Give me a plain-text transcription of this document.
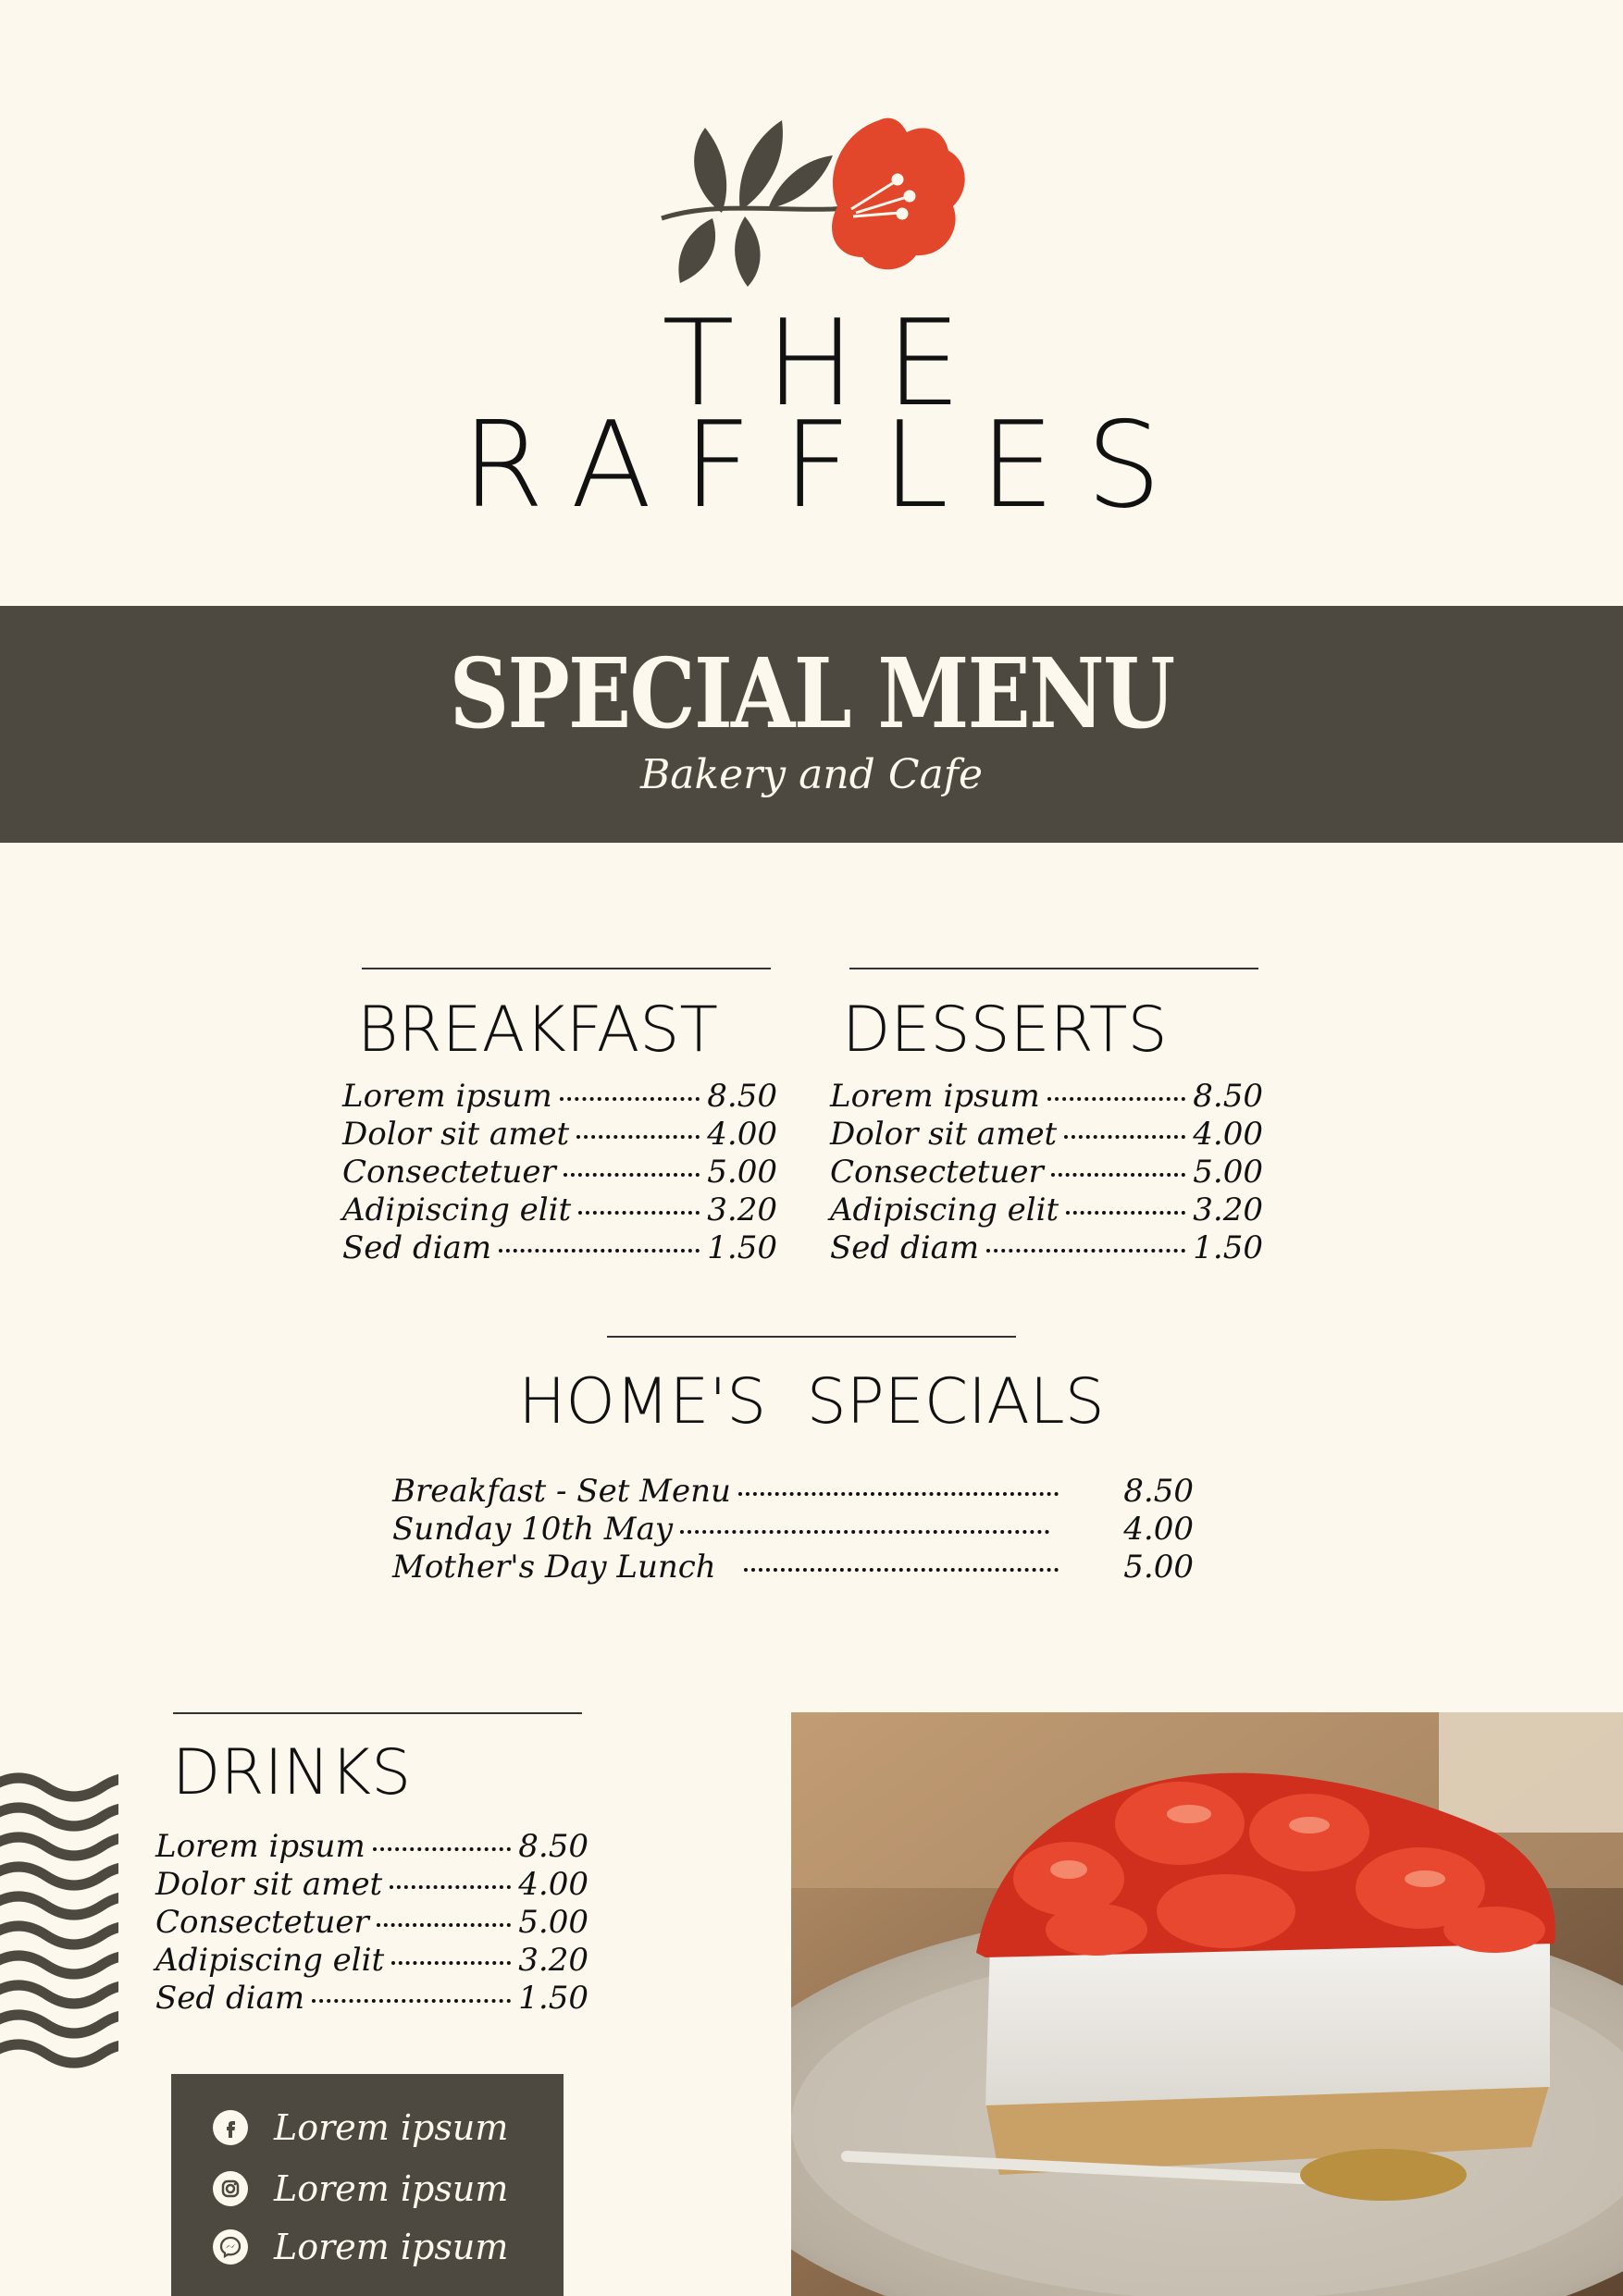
THE
RAFFLES
SPECIAL MENU
Bakery and Cafe
BREAKFAST
Lorem ipsum	8.50
Dolor sit amet	4.00
Consectetuer	5.00
Adipiscing elit	3.20
Sed diam	1.50
DESSERTS
Lorem ipsum	8.50
Dolor sit amet	4.00
Consectetuer	5.00
Adipiscing elit	3.20
Sed diam	1.50
HOME'S  SPECIALS
Breakfast - Set Menu	8.50
Sunday 10th May	4.00
Mother's Day Lunch	5.00
DRINKS
Lorem ipsum	8.50
Dolor sit amet	4.00
Consectetuer	5.00
Adipiscing elit	3.20
Sed diam	1.50
Lorem ipsum
Lorem ipsum
Lorem ipsum
